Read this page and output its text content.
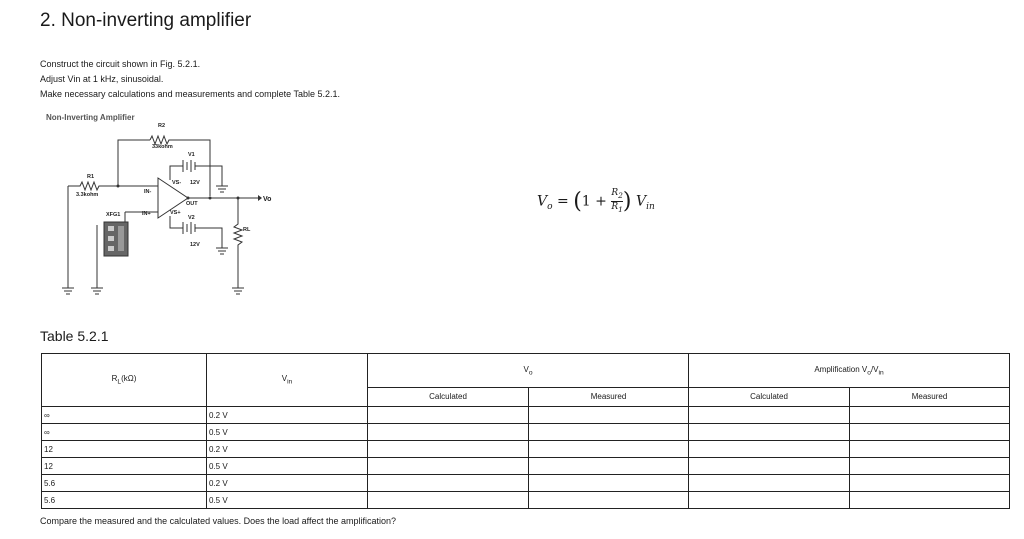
2. Non-inverting amplifier
Construct the circuit shown in Fig. 5.2.1.
Adjust Vin at 1 kHz, sinusoidal.
Make necessary calculations and measurements and complete Table 5.2.1.
Non-Inverting Amplifier
R2
33kohm
R1
3.3kohm
V1
12V
V2
12V
VS-
VS+
OUT
IN-
IN+
RL
XFG1
Vo	$V_o = (1 + \frac{R_2}{R_1}$ ) $V_{in}$
Table 5.2.1
$R_L(k\Omega)$	$V_{in}$	$V_o$		Amplification $V_o/V_{in}$
		Calculated	Measured	Calculated	Measured
∞	0.2 V				
∞	0.5 V				
12	0.2 V				
12	0.5 V				
5.6	0.2 V				
5.6	0.5 V				
Compare the measured and the calculated values. Does the load affect the amplification?
